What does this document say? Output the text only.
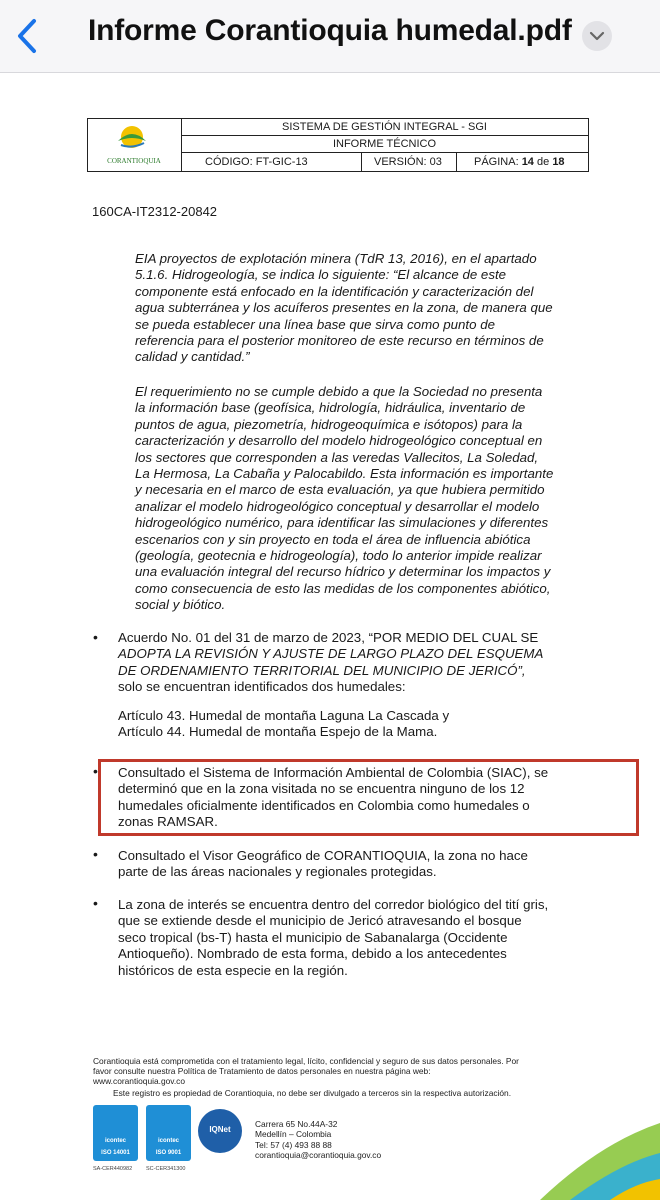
Informe Corantioquia humedal.pdf
CORANTIOQUIA
SISTEMA DE GESTIÓN INTEGRAL - SGI
INFORME TÉCNICO
CÓDIGO: FT-GIC-13	VERSIÓN: 03	PÁGINA: 14 de 18
160CA-IT2312-20842
EIA proyectos de explotación minera (TdR 13, 2016), en el apartado
5.1.6. Hidrogeología, se indica lo siguiente: “El alcance de este
componente está enfocado en la identificación y caracterización del
agua subterránea y los acuíferos presentes en la zona, de manera que
se pueda establecer una línea base que sirva como punto de
referencia para el posterior monitoreo de este recurso en términos de
calidad y cantidad.”
El requerimiento no se cumple debido a que la Sociedad no presenta
la información base (geofísica, hidrología, hidráulica, inventario de
puntos de agua, piezometría, hidrogeoquímica e isótopos) para la
caracterización y desarrollo del modelo hidrogeológico conceptual en
los sectores que corresponden a las veredas Vallecitos, La Soledad,
La Hermosa, La Cabaña y Palocabildo. Esta información es importante
y necesaria en el marco de esta evaluación, ya que hubiera permitido
analizar el modelo hidrogeológico conceptual y desarrollar el modelo
hidrogeológico numérico, para identificar las simulaciones y diferentes
escenarios con y sin proyecto en toda el área de influencia abiótica
(geología, geotecnia e hidrogeología), todo lo anterior impide realizar
una evaluación integral del recurso hídrico y determinar los impactos y
como consecuencia de esto las medidas de los componentes abiótico,
social y biótico.
• Acuerdo No. 01 del 31 de marzo de 2023, “POR MEDIO DEL CUAL SE
ADOPTA LA REVISIÓN Y AJUSTE DE LARGO PLAZO DEL ESQUEMA
DE ORDENAMIENTO TERRITORIAL DEL MUNICIPIO DE JERICÓ”,
solo se encuentran identificados dos humedales:
Artículo 43. Humedal de montaña Laguna La Cascada y
Artículo 44. Humedal de montaña Espejo de la Mama.
• Consultado el Sistema de Información Ambiental de Colombia (SIAC), se
determinó que en la zona visitada no se encuentra ninguno de los 12
humedales oficialmente identificados en Colombia como humedales o
zonas RAMSAR.
• Consultado el Visor Geográfico de CORANTIOQUIA, la zona no hace
parte de las áreas nacionales y regionales protegidas.
• La zona de interés se encuentra dentro del corredor biológico del tití gris,
que se extiende desde el municipio de Jericó atravesando el bosque
seco tropical (bs-T) hasta el municipio de Sabanalarga (Occidente
Antioqueño). Nombrado de esta forma, debido a los antecedentes
históricos de esta especie en la región.
Corantioquia está comprometida con el tratamiento legal, lícito, confidencial y seguro de sus datos personales. Por
favor consulte nuestra Política de Tratamiento de datos personales en nuestra página web:
www.corantioquia.gov.co
Este registro es propiedad de Corantioquia, no debe ser divulgado a terceros sin la respectiva autorización.
icontec
ISO 14001
icontec
ISO 9001
IQNet
SA-CER440982	SC-CER341300
Carrera 65 No.44A-32
Medellín – Colombia
Tel: 57 (4) 493 88 88
corantioquia@corantioquia.gov.co
